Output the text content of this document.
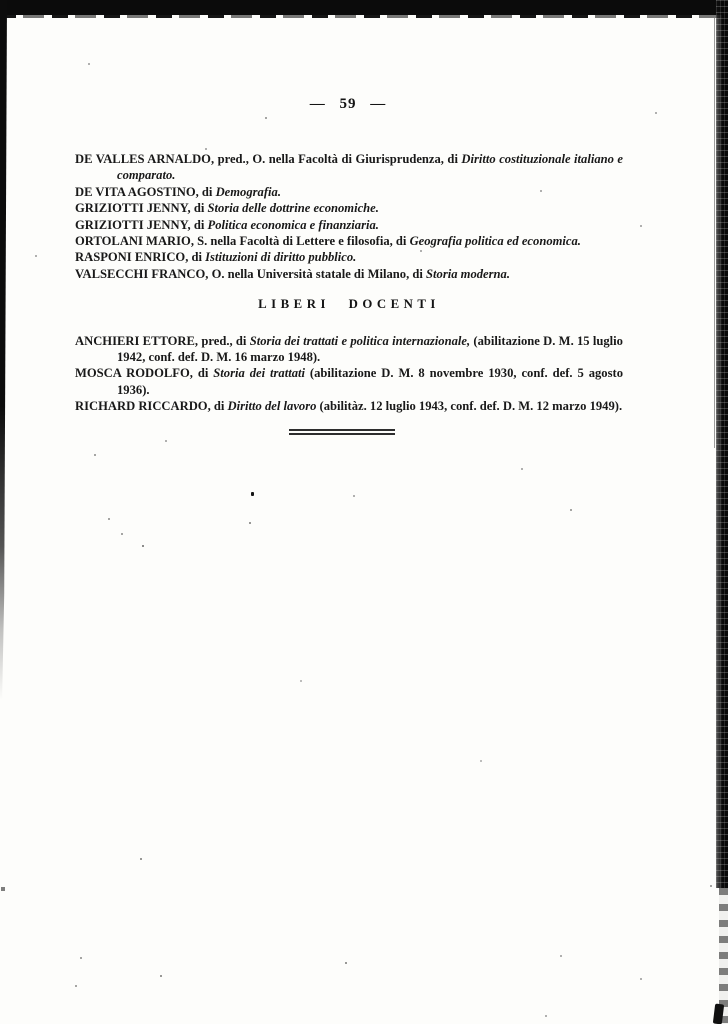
— 59 —

DE VALLES ARNALDO, pred., O. nella Facoltà di Giurisprudenza, di Diritto costituzionale italiano e comparato.

DE VITA AGOSTINO, di Demografia.

GRIZIOTTI JENNY, di Storia delle dottrine economiche.

GRIZIOTTI JENNY, di Politica economica e finanziaria.

ORTOLANI MARIO, S. nella Facoltà di Lettere e filosofia, di Geografia politica ed economica.

RASPONI ENRICO, di Istituzioni di diritto pubblico.

VALSECCHI FRANCO, O. nella Università statale di Milano, di Storia moderna.

LIBERI DOCENTI

ANCHIERI ETTORE, pred., di Storia dei trattati e politica internazionale, (abilitazione D. M. 15 luglio 1942, conf. def. D. M. 16 marzo 1948).

MOSCA RODOLFO, di Storia dei trattati (abilitazione D. M. 8 novembre 1930, conf. def. 5 agosto 1936).

RICHARD RICCARDO, di Diritto del lavoro (abilitàz. 12 luglio 1943, conf. def. D. M. 12 marzo 1949).
